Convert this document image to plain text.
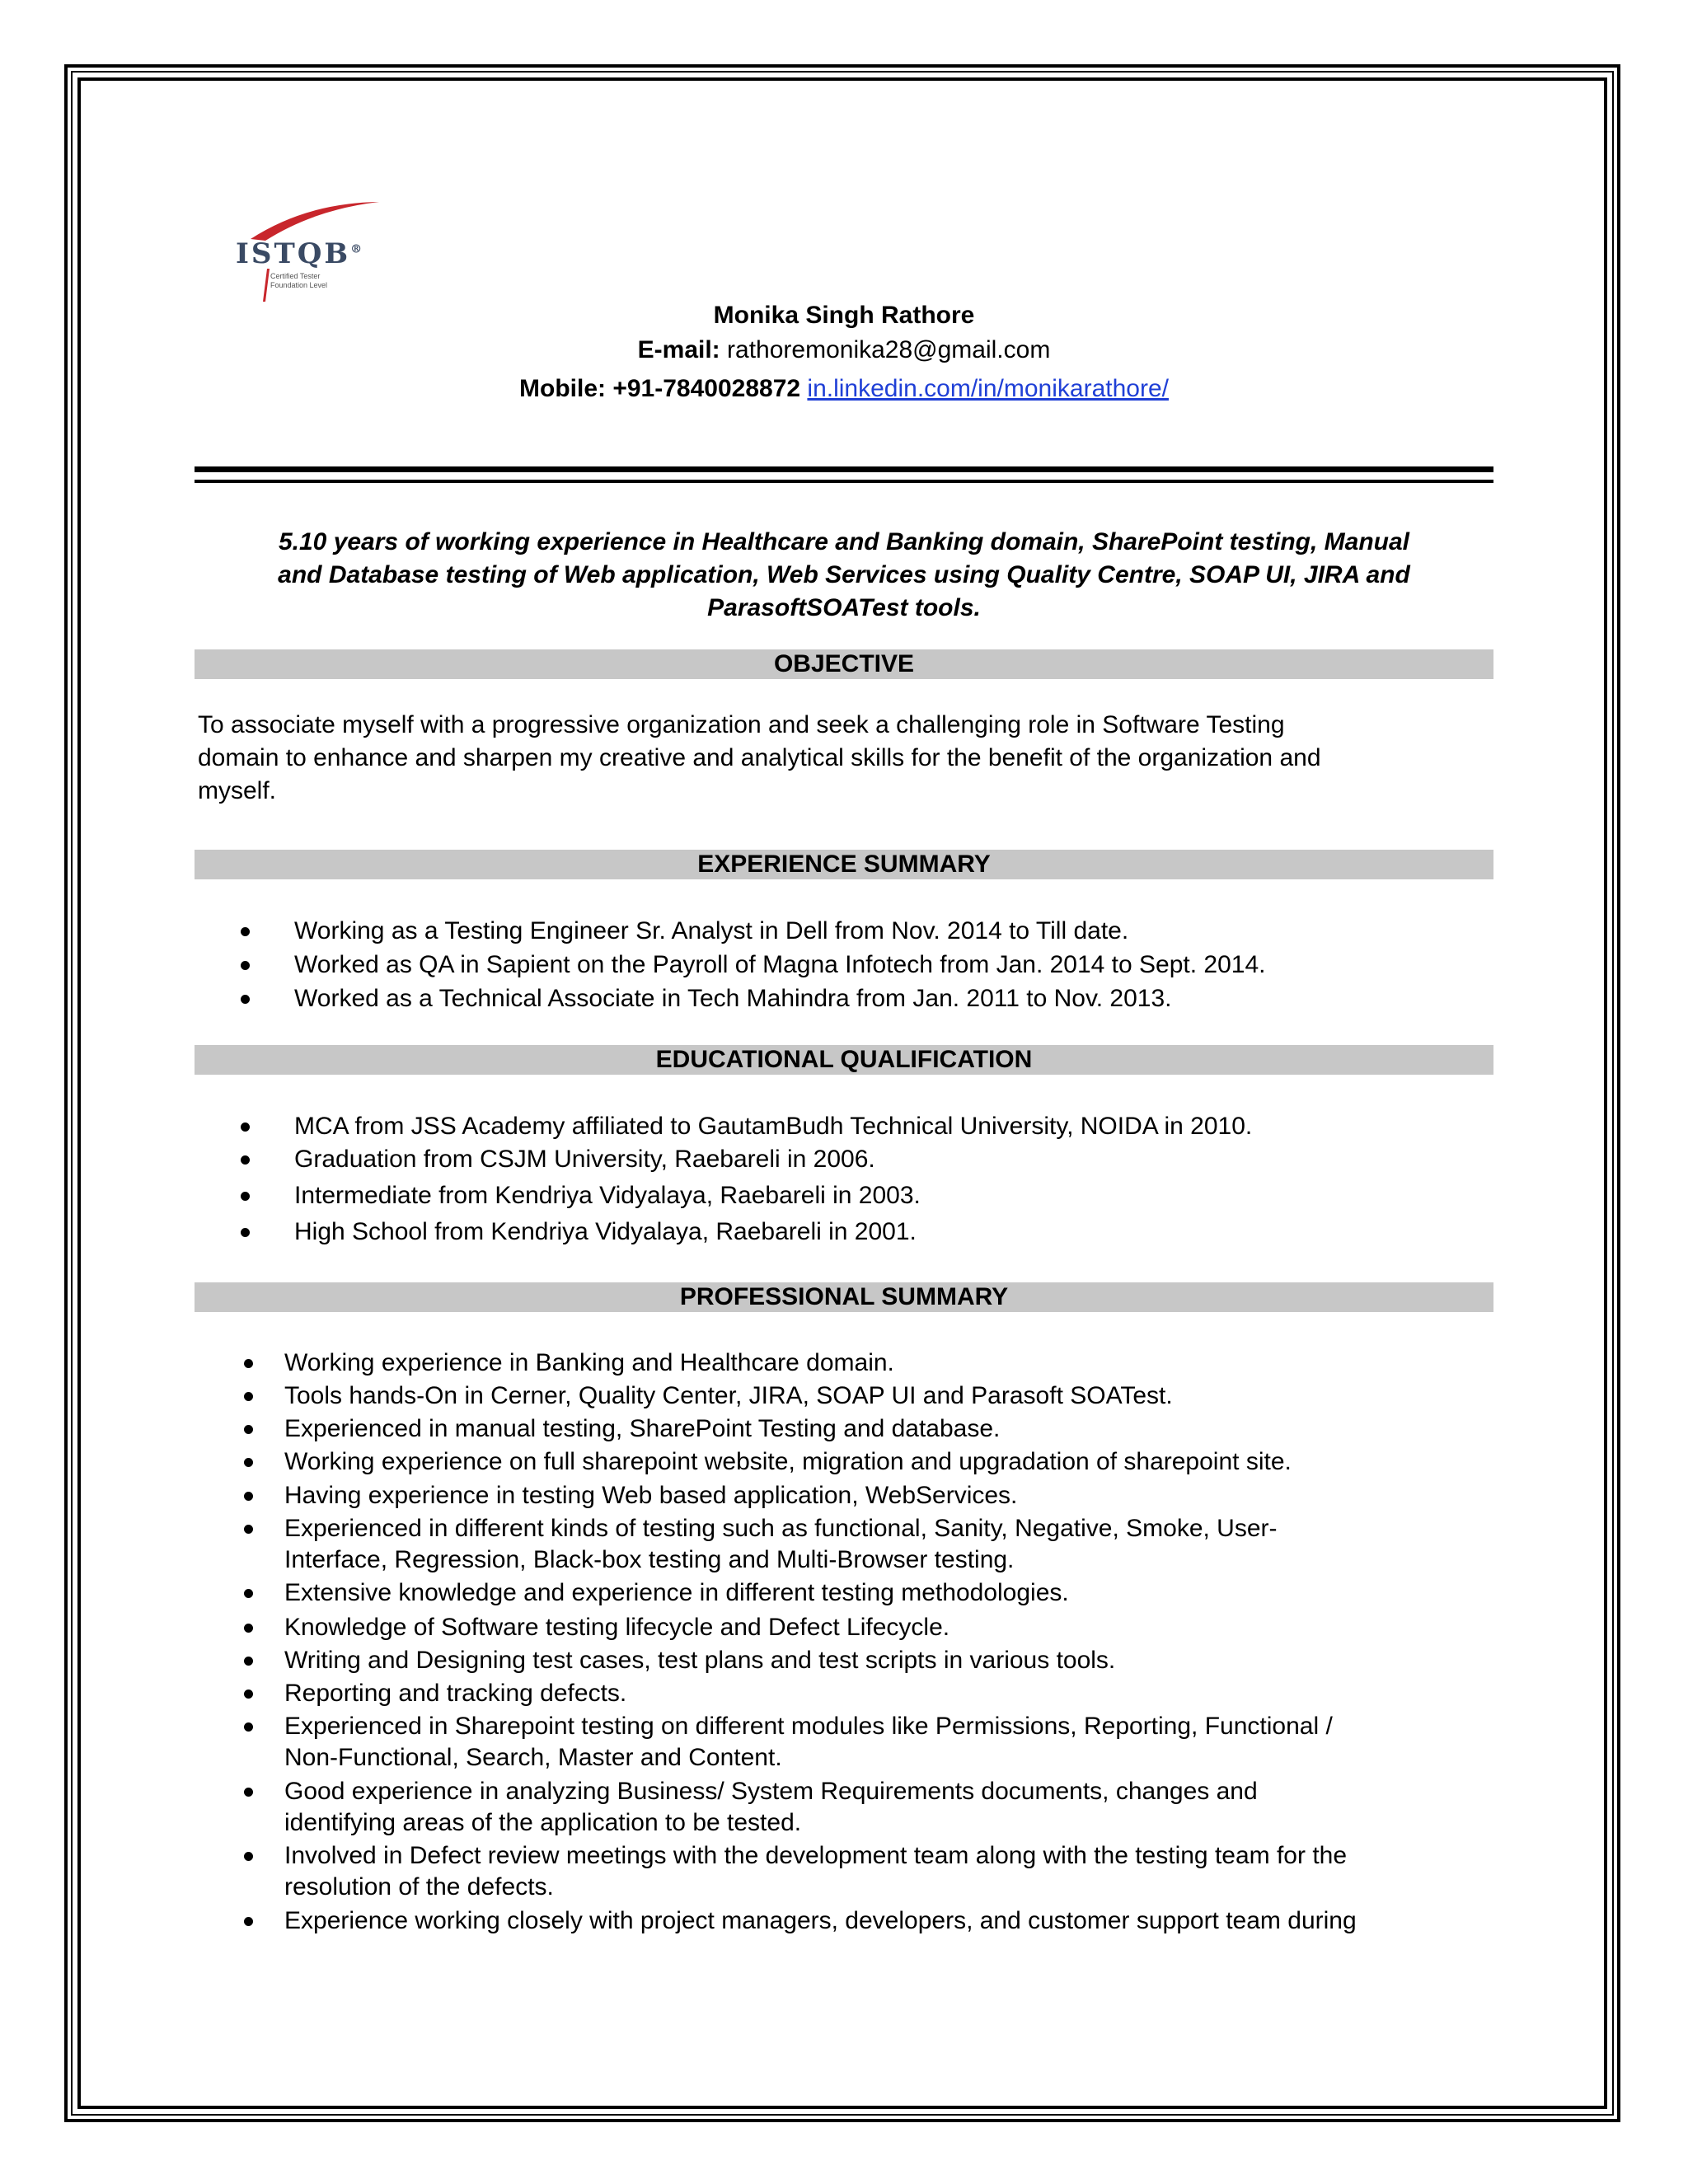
ISTQB®
Certified Tester
Foundation Level
Monika Singh Rathore
E-mail: rathoremonika28@gmail.com
Mobile: +91-7840028872 in.linkedin.com/in/monikarathore/
5.10 years of working experience in Healthcare and Banking domain, SharePoint testing, Manual
and Database testing of Web application, Web Services using Quality Centre, SOAP UI, JIRA and
ParasoftSOATest tools.
OBJECTIVE
To associate myself with a progressive organization and seek a challenging role in Software Testing
domain to enhance and sharpen my creative and analytical skills for the benefit of the organization and
myself.
EXPERIENCE SUMMARY
Working as a Testing Engineer Sr. Analyst in Dell from Nov. 2014 to Till date.
Worked as QA in Sapient on the Payroll of Magna Infotech from Jan. 2014 to Sept. 2014.
Worked as a Technical Associate in Tech Mahindra from Jan. 2011 to Nov. 2013.
EDUCATIONAL QUALIFICATION
MCA from JSS Academy affiliated to GautamBudh Technical University, NOIDA in 2010.
Graduation from CSJM University, Raebareli in 2006.
Intermediate from Kendriya Vidyalaya, Raebareli in 2003.
High School from Kendriya Vidyalaya, Raebareli in 2001.
PROFESSIONAL SUMMARY
Working experience in Banking and Healthcare domain.
Tools hands-On in Cerner, Quality Center, JIRA, SOAP UI and Parasoft SOATest.
Experienced in manual testing, SharePoint Testing and database.
Working experience on full sharepoint website, migration and upgradation of sharepoint site.
Having experience in testing Web based application, WebServices.
Experienced in different kinds of testing such as functional, Sanity, Negative, Smoke, User-
Interface, Regression, Black-box testing and Multi-Browser testing.
Extensive knowledge and experience in different testing methodologies.
Knowledge of Software testing lifecycle and Defect Lifecycle.
Writing and Designing test cases, test plans and test scripts in various tools.
Reporting and tracking defects.
Experienced in Sharepoint testing on different modules like Permissions, Reporting, Functional /
Non-Functional, Search, Master and Content.
Good experience in analyzing Business/ System Requirements documents, changes and
identifying areas of the application to be tested.
Involved in Defect review meetings with the development team along with the testing team for the
resolution of the defects.
Experience working closely with project managers, developers, and customer support team during
